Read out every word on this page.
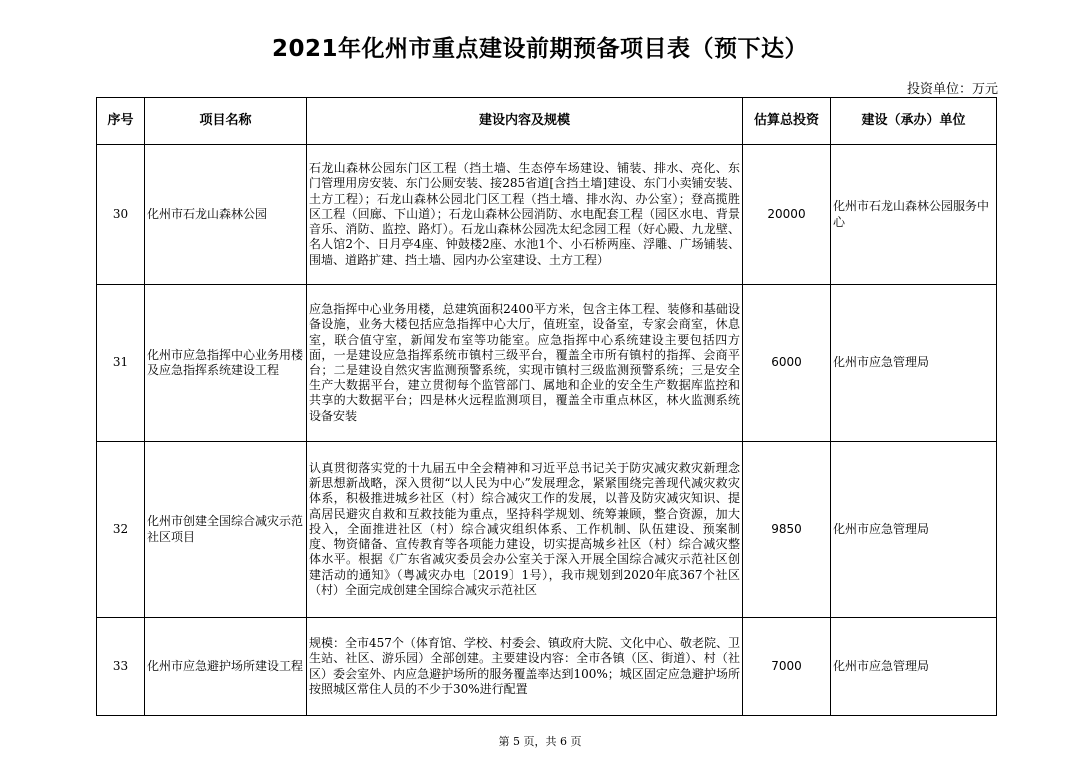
2021年化州市重点建设前期预备项目表（预下达）
投资单位：万元
序号	项目名称	建设内容及规模	估算总投资	建设（承办）单位
30	化州市石龙山森林公园	石龙山森林公园东门区工程（挡土墙、生态停车场建设、铺装、排水、亮化、东门管理用房安装、东门公厕安装、接285省道[含挡土墙]建设、东门小卖铺安装、土方工程）；石龙山森林公园北门区工程（挡土墙、排水沟、办公室）；登高揽胜区工程（回廊、下山道）；石龙山森林公园消防、水电配套工程（园区水电、背景音乐、消防、监控、路灯）。石龙山森林公园冼太纪念园工程（好心殿、九龙壁、名人馆2个、日月亭4座、钟鼓楼2座、水池1个、小石桥两座、浮雕、广场铺装、围墙、道路扩建、挡土墙、园内办公室建设、土方工程）	20000	化州市石龙山森林公园服务中心
31	化州市应急指挥中心业务用楼及应急指挥系统建设工程	应急指挥中心业务用楼，总建筑面积2400平方米，包含主体工程、装修和基础设备设施，业务大楼包括应急指挥中心大厅，值班室，设备室，专家会商室，休息室，联合值守室，新闻发布室等功能室。应急指挥中心系统建设主要包括四方面，一是建设应急指挥系统市镇村三级平台，覆盖全市所有镇村的指挥、会商平台；二是建设自然灾害监测预警系统，实现市镇村三级监测预警系统；三是安全生产大数据平台，建立贯彻每个监管部门、属地和企业的安全生产数据库监控和共享的大数据平台；四是林火远程监测项目，覆盖全市重点林区，林火监测系统设备安装	6000	化州市应急管理局
32	化州市创建全国综合减灾示范社区项目	认真贯彻落实党的十九届五中全会精神和习近平总书记关于防灾减灾救灾新理念新思想新战略，深入贯彻“以人民为中心”发展理念，紧紧围绕完善现代减灾救灾体系，积极推进城乡社区（村）综合减灾工作的发展，以普及防灾减灾知识、提高居民避灾自救和互救技能为重点，坚持科学规划、统筹兼顾，整合资源，加大投入，全面推进社区（村）综合减灾组织体系、工作机制、队伍建设、预案制度、物资储备、宣传教育等各项能力建设，切实提高城乡社区（村）综合减灾整体水平。根据《广东省减灾委员会办公室关于深入开展全国综合减灾示范社区创建活动的通知》（粤减灾办电〔2019〕1号），我市规划到2020年底367个社区（村）全面完成创建全国综合减灾示范社区	9850	化州市应急管理局
33	化州市应急避护场所建设工程	规模：全市457个（体育馆、学校、村委会、镇政府大院、文化中心、敬老院、卫生站、社区、游乐园）全部创建。主要建设内容：全市各镇（区、街道）、村（社区）委会室外、内应急避护场所的服务覆盖率达到100%；城区固定应急避护场所按照城区常住人员的不少于30%进行配置	7000	化州市应急管理局
第 5 页，共 6 页
